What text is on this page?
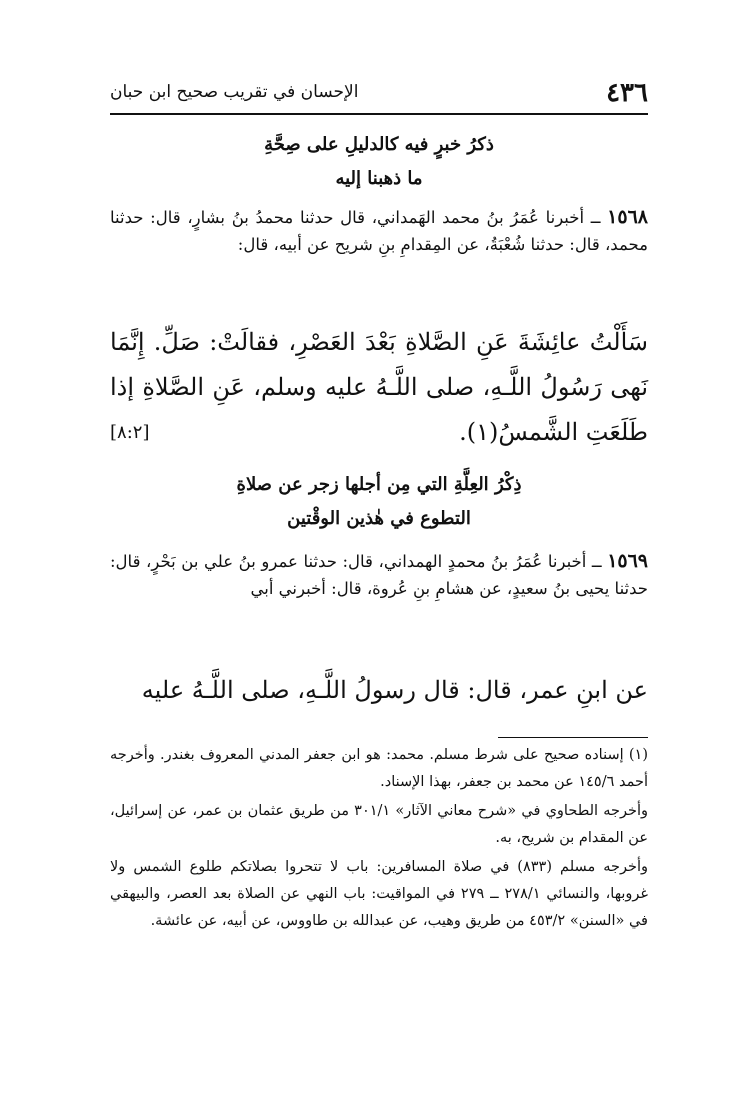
٤٣٦
الإحسان في تقريب صحيح ابن حبان
ذكرُ خبرٍ فيه كالدليلِ على صِحَّةِ
ما ذهبنا إليه
١٥٦٨ ــ أخبرنا عُمَرُ بنُ محمد الهَمداني، قال حدثنا محمدُ بنُ بشارٍ، قال: حدثنا محمد، قال: حدثنا شُعْبَةُ، عن المِقدامِ بنِ شريح عن أبيه، قال:
سَأَلْتُ عائِشَةَ عَنِ الصَّلاةِ بَعْدَ العَصْرِ، فقالَتْ: صَلِّ. إِنَّمَا نَهى رَسُولُ اللَّـهِ، صلى اللَّـهُ عليه وسلم، عَنِ الصَّلاةِ إذا طَلَعَتِ الشَّمسُ(١).
[٨:٢]
ذِكْرُ العِلَّةِ التي مِن أجلها زجر عن صلاةِ
التطوع في هٰذين الوقْتين
١٥٦٩ ــ أخبرنا عُمَرُ بنُ محمدٍ الهمداني، قال: حدثنا عمرو بنُ علي بن بَحْرٍ، قال: حدثنا يحيى بنُ سعيدٍ، عن هشامِ بنِ عُروة، قال: أخبرني أبي
عن ابنِ عمر، قال: قال رسولُ اللَّـهِ، صلى اللَّـهُ عليه

(١) إسناده صحيح على شرط مسلم. محمد: هو ابن جعفر المدني المعروف بغندر. وأخرجه أحمد ١٤٥/٦ عن محمد بن جعفر، بهذا الإسناد.

وأخرجه الطحاوي في «شرح معاني الآثار» ٣٠١/١ من طريق عثمان بن عمر، عن إسرائيل، عن المقدام بن شريح، به.

وأخرجه مسلم (٨٣٣) في صلاة المسافرين: باب لا تتحروا بصلاتكم طلوع الشمس ولا غروبها، والنسائي ٢٧٨/١ ــ ٢٧٩ في المواقيت: باب النهي عن الصلاة بعد العصر، والبيهقي في «السنن» ٤٥٣/٢ من طريق وهيب، عن عبدالله بن طاووس، عن أبيه، عن عائشة.
